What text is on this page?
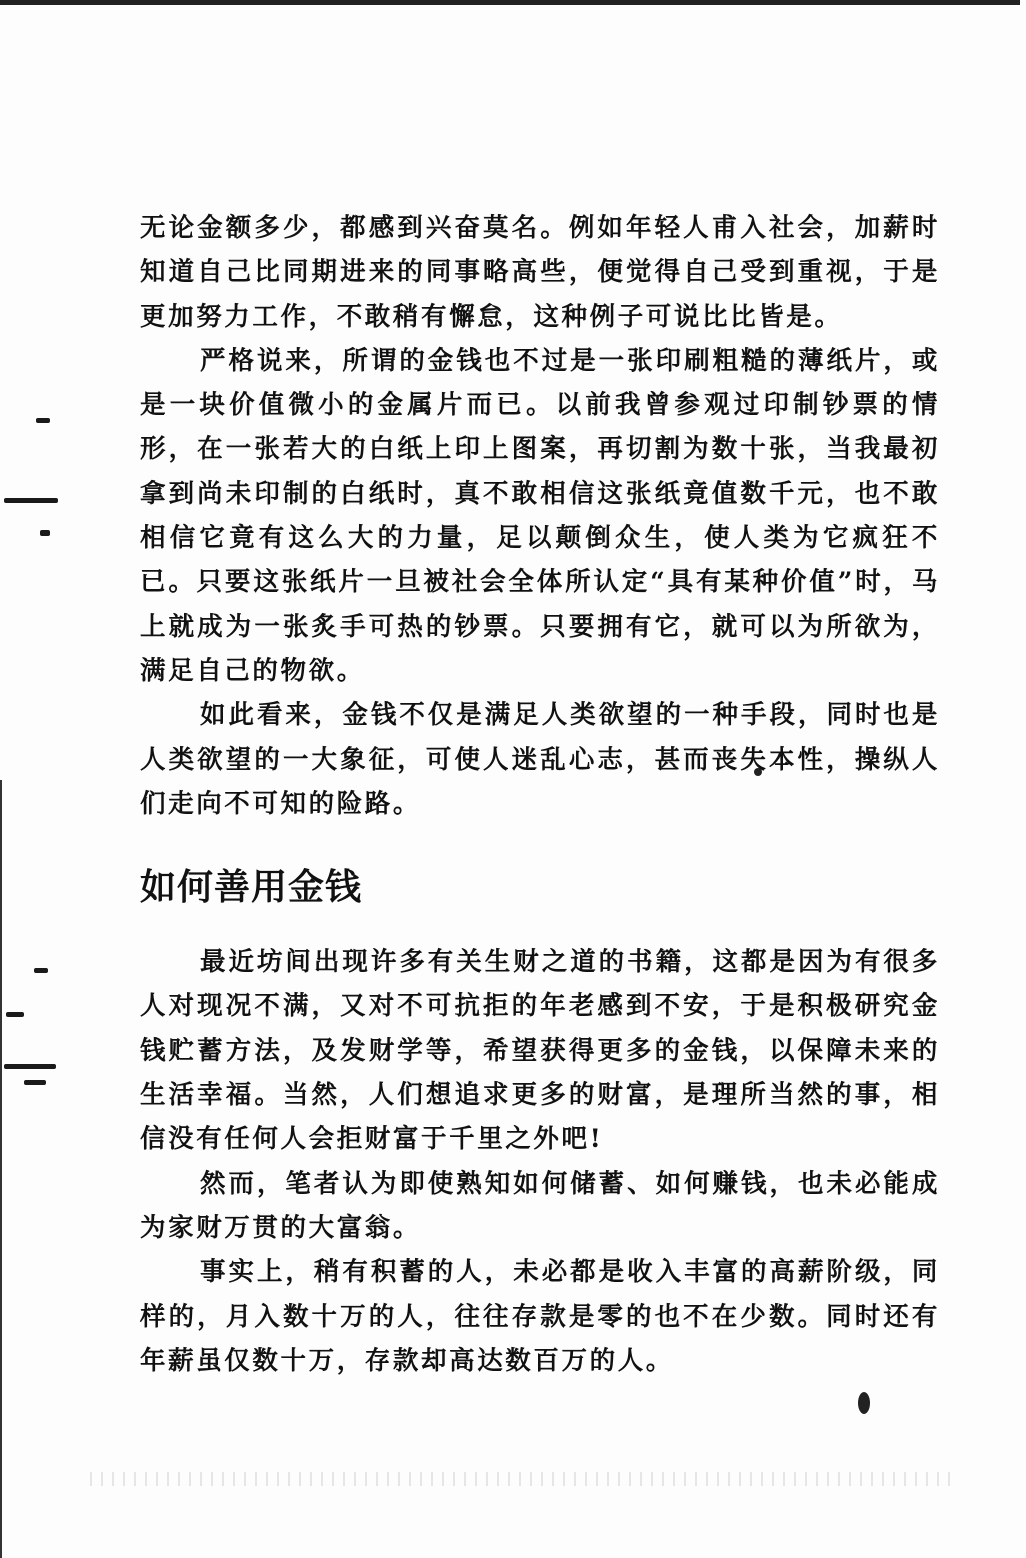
无论金额多少，都感到兴奋莫名。例如年轻人甫入社会，加薪时知道自己比同期进来的同事略高些，便觉得自己受到重视，于是更加努力工作，不敢稍有懈怠，这种例子可说比比皆是。

严格说来，所谓的金钱也不过是一张印刷粗糙的薄纸片，或是一块价值微小的金属片而已。以前我曾参观过印制钞票的情形，在一张若大的白纸上印上图案，再切割为数十张，当我最初拿到尚未印制的白纸时，真不敢相信这张纸竟值数千元，也不敢相信它竟有这么大的力量，足以颠倒众生，使人类为它疯狂不已。只要这张纸片一旦被社会全体所认定“具有某种价值”时，马上就成为一张炙手可热的钞票。只要拥有它，就可以为所欲为，满足自己的物欲。

如此看来，金钱不仅是满足人类欲望的一种手段，同时也是人类欲望的一大象征，可使人迷乱心志，甚而丧失本性，操纵人们走向不可知的险路。

如何善用金钱

最近坊间出现许多有关生财之道的书籍，这都是因为有很多人对现况不满，又对不可抗拒的年老感到不安，于是积极研究金钱贮蓄方法，及发财学等，希望获得更多的金钱，以保障未来的生活幸福。当然，人们想追求更多的财富，是理所当然的事，相信没有任何人会拒财富于千里之外吧!

然而，笔者认为即使熟知如何储蓄、如何赚钱，也未必能成为家财万贯的大富翁。

事实上，稍有积蓄的人，未必都是收入丰富的高薪阶级，同样的，月入数十万的人，往往存款是零的也不在少数。同时还有年薪虽仅数十万，存款却高达数百万的人。
